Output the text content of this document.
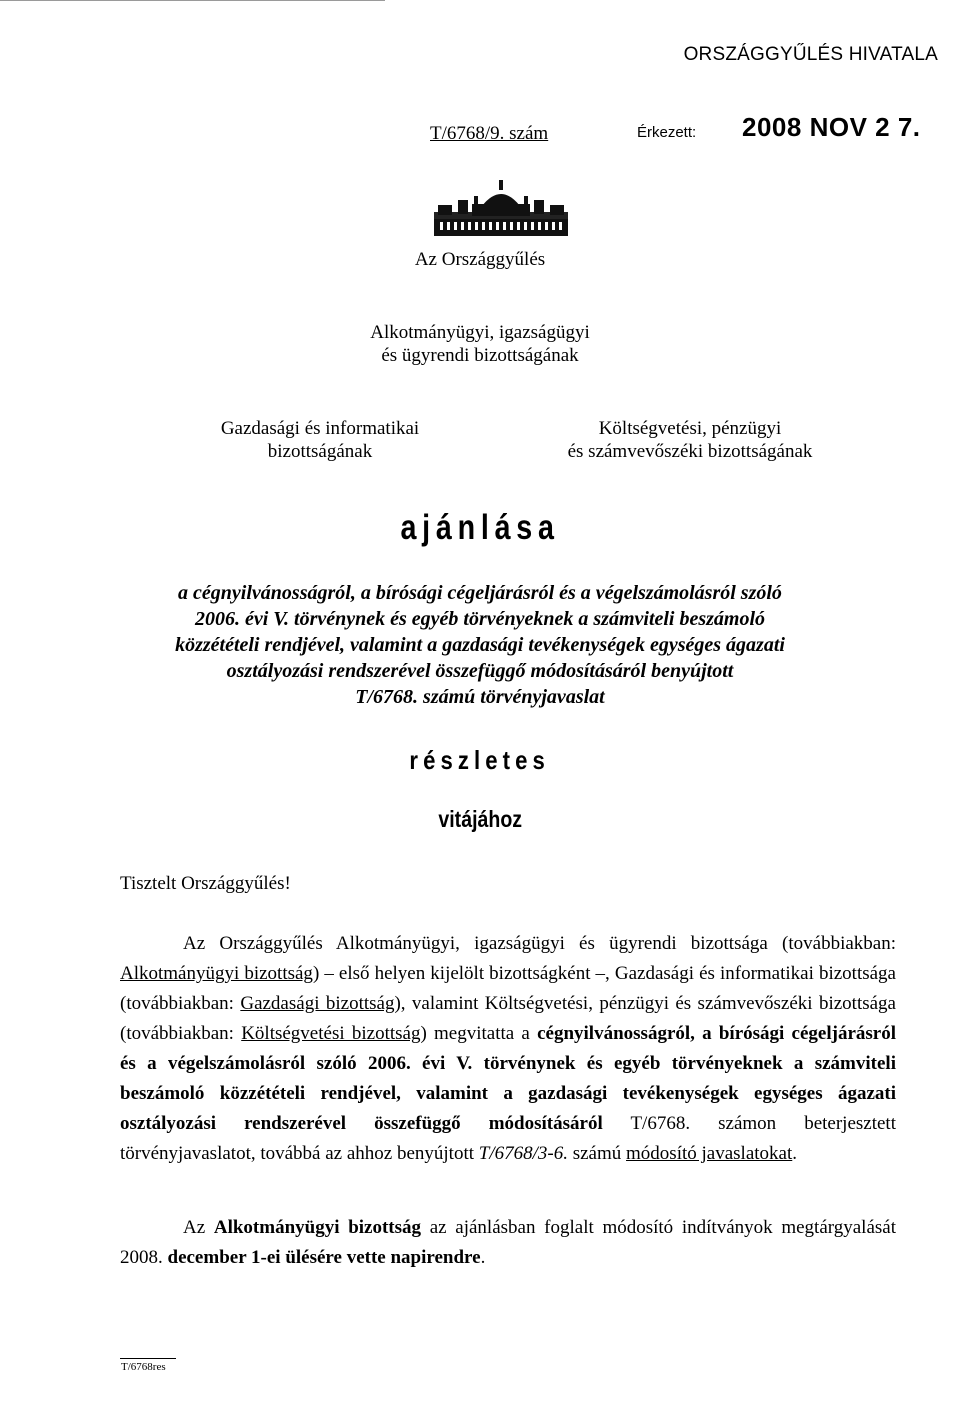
ORSZÁGGYŰLÉS HIVATALA
T/6768/9. szám	Érkezett: 2008 NOV 2 7.
Az Országgyűlés
Alkotmányügyi, igazságügyi
és ügyrendi bizottságának
Gazdasági és informatikai
bizottságának
Költségvetési, pénzügyi
és számvevőszéki bizottságának
ajánlása
a cégnyilvánosságról, a bírósági cégeljárásról és a végelszámolásról szóló
2006. évi V. törvénynek és egyéb törvényeknek a számviteli beszámoló
közzétételi rendjével, valamint a gazdasági tevékenységek egységes ágazati
osztályozási rendszerével összefüggő módosításáról benyújtott
T/6768. számú törvényjavaslat
részletes
vitájához
Tisztelt Országgyűlés!
Az Országgyűlés Alkotmányügyi, igazságügyi és ügyrendi bizottsága (továbbiakban: Alkotmányügyi bizottság) – első helyen kijelölt bizottságként –, Gazdasági és informatikai bizottsága (továbbiakban: Gazdasági bizottság), valamint Költségvetési, pénzügyi és számvevőszéki bizottsága (továbbiakban: Költségvetési bizottság) megvitatta a cégnyilvánosságról, a bírósági cégeljárásról és a végelszámolásról szóló 2006. évi V. törvénynek és egyéb törvényeknek a számviteli beszámoló közzétételi rendjével, valamint a gazdasági tevékenységek egységes ágazati osztályozási rendszerével összefüggő módosításáról T/6768. számon beterjesztett törvényjavaslatot, továbbá az ahhoz benyújtott T/6768/3-6. számú módosító javaslatokat.
Az Alkotmányügyi bizottság az ajánlásban foglalt módosító indítványok megtárgyalását 2008. december 1-ei ülésére vette napirendre.
T/6768res
